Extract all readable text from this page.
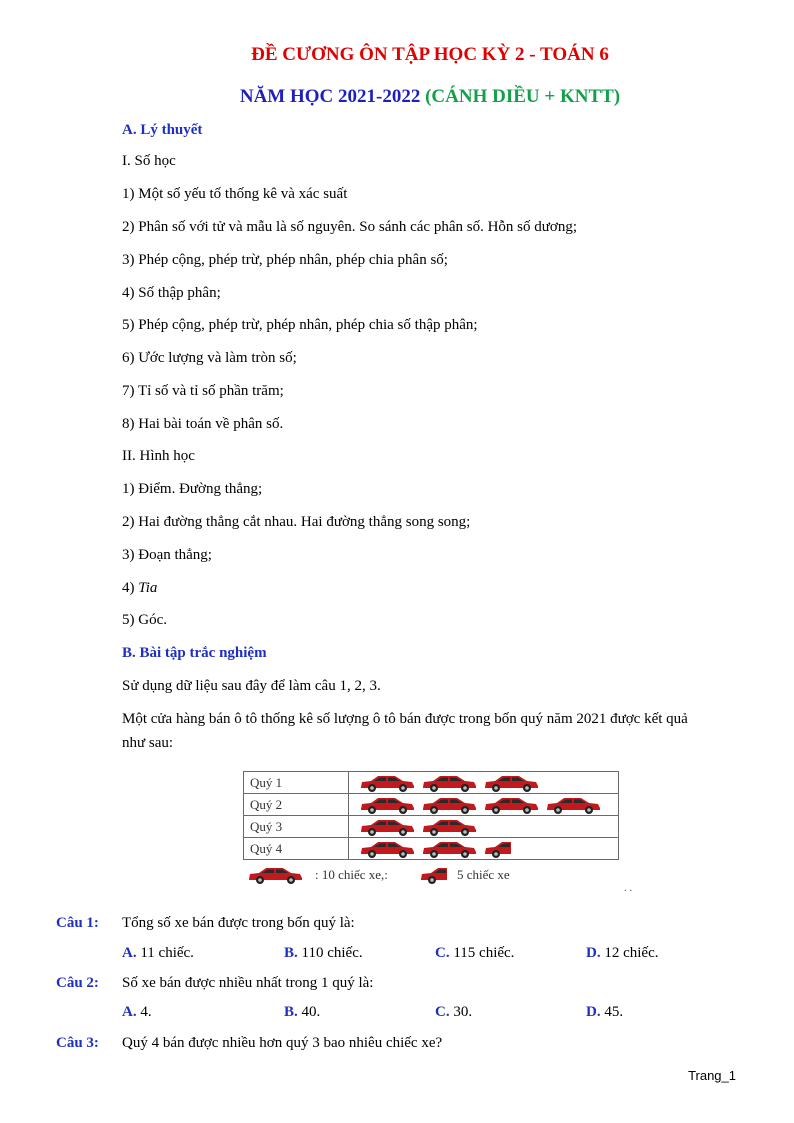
ĐỀ CƯƠNG ÔN TẬP HỌC KỲ 2 - TOÁN 6
NĂM HỌC 2021-2022 (CÁNH DIỀU + KNTT)
A. Lý thuyết
I. Số học
1) Một số yếu tố thống kê và xác suất
2) Phân số với tử và mẫu là số nguyên. So sánh các phân số. Hỗn số dương;
3) Phép cộng, phép trừ, phép nhân, phép chia phân số;
4) Số thập phân;
5) Phép cộng, phép trừ, phép nhân, phép chia số thập phân;
6) Ước lượng và làm tròn số;
7) Tỉ số và tỉ số phần trăm;
8) Hai bài toán về phân số.
II. Hình học
1) Điểm. Đường thẳng;
2) Hai đường thẳng cắt nhau. Hai đường thẳng song song;
3) Đoạn thẳng;
4) Tia
5) Góc.
B. Bài tập trắc nghiệm
Sử dụng dữ liệu sau đây để làm câu 1, 2, 3.
Một cửa hàng bán ô tô thống kê số lượng ô tô bán được trong bốn quý năm 2021 được kết quả
như sau:
Quý 1	
Quý 2	
Quý 3	
Quý 4	
: 10 chiếc xe,:	5 chiếc xe
. .
Câu 1: Tổng số xe bán được trong bốn quý là:
A. 11 chiếc.	B. 110 chiếc.	C. 115 chiếc.	D. 12 chiếc.
Câu 2: Số xe bán được nhiều nhất trong 1 quý là:
A. 4.	B. 40.	C. 30.	D. 45.
Câu 3: Quý 4 bán được nhiều hơn quý 3 bao nhiêu chiếc xe?
Trang_1
